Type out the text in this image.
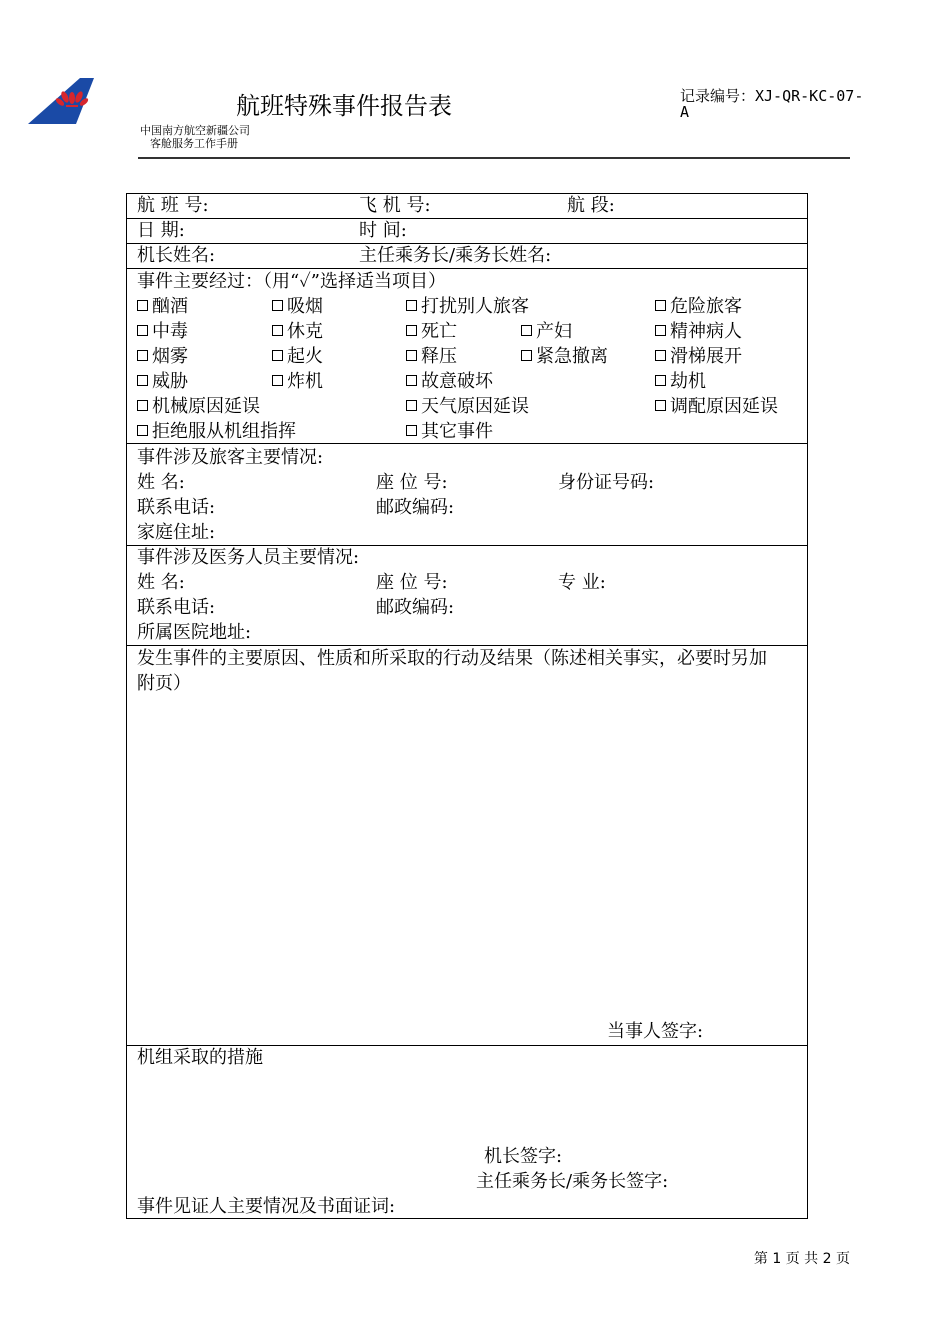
航班特殊事件报告表	记录编号：XJ-QR-KC-07-
A
中国南方航空新疆公司
客舱服务工作手册
航 班 号:	飞 机 号:	航 段:
日 期:	时 间:
机长姓名:	主任乘务长/乘务长姓名:
事件主要经过：（用“✓”选择适当项目）
酗酒	吸烟	打扰别人旅客	危险旅客
中毒	休克	死亡	产妇	精神病人
烟雾	起火	释压	紧急撤离	滑梯展开
威胁	炸机	故意破坏	劫机
机械原因延误	天气原因延误	调配原因延误
拒绝服从机组指挥	其它事件
事件涉及旅客主要情况:
姓 名:	座 位 号:	身份证号码:
联系电话:	邮政编码:
家庭住址:
事件涉及医务人员主要情况:
姓 名:	座 位 号:	专 业:
联系电话:	邮政编码:
所属医院地址:
发生事件的主要原因、性质和所采取的行动及结果（陈述相关事实，必要时另加
附页）
当事人签字:
机组采取的措施
机长签字:
主任乘务长/乘务长签字:
事件见证人主要情况及书面证词:
第 1 页 共 2 页
